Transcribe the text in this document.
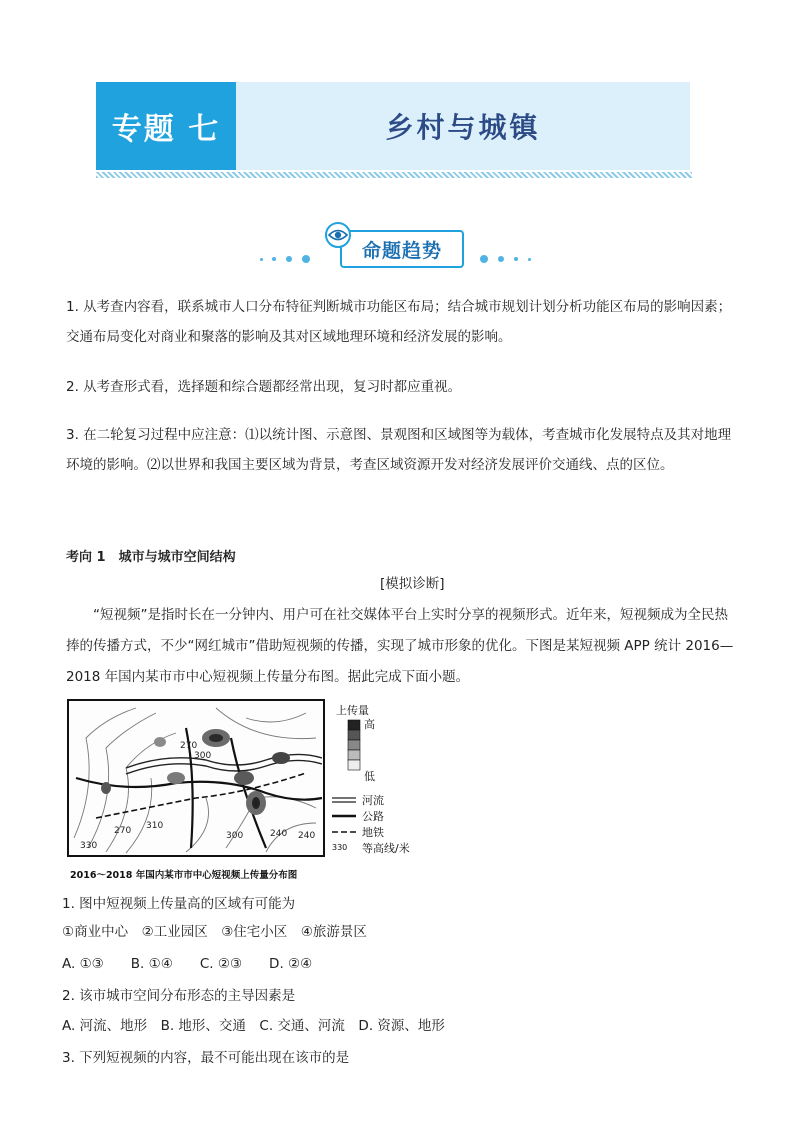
专题 七	乡村与城镇
命题趋势
1. 从考查内容看，联系城市人口分布特征判断城市功能区布局；结合城市规划计划分析功能区布局的影响因素；交通布局变化对商业和聚落的影响及其对区域地理环境和经济发展的影响。
2. 从考查形式看，选择题和综合题都经常出现，复习时都应重视。
3. 在二轮复习过程中应注意：⑴以统计图、示意图、景观图和区域图等为载体，考查城市化发展特点及其对地理环境的影响。⑵以世界和我国主要区域为背景，考查区域资源开发对经济发展评价交通线、点的区位。
考向 1　城市与城市空间结构
[模拟诊断]
“短视频”是指时长在一分钟内、用户可在社交媒体平台上实时分享的视频形式。近年来，短视频成为全民热捧的传播方式，不少“网红城市”借助短视频的传播，实现了城市形象的优化。下图是某短视频 APP 统计 2016—2018 年国内某市市中心短视频上传量分布图。据此完成下面小题。
330
270
300
270
310
300	240 240
上传量
高
低
河流
公路
地铁
330 等高线/米
2016～2018 年国内某市市中心短视频上传量分布图
1. 图中短视频上传量高的区域有可能为
①商业中心　②工业园区　③住宅小区　④旅游景区
A. ①③　　B. ①④　　C. ②③　　D. ②④
2. 该市城市空间分布形态的主导因素是
A. 河流、地形　B. 地形、交通　C. 交通、河流　D. 资源、地形
3. 下列短视频的内容，最不可能出现在该市的是
